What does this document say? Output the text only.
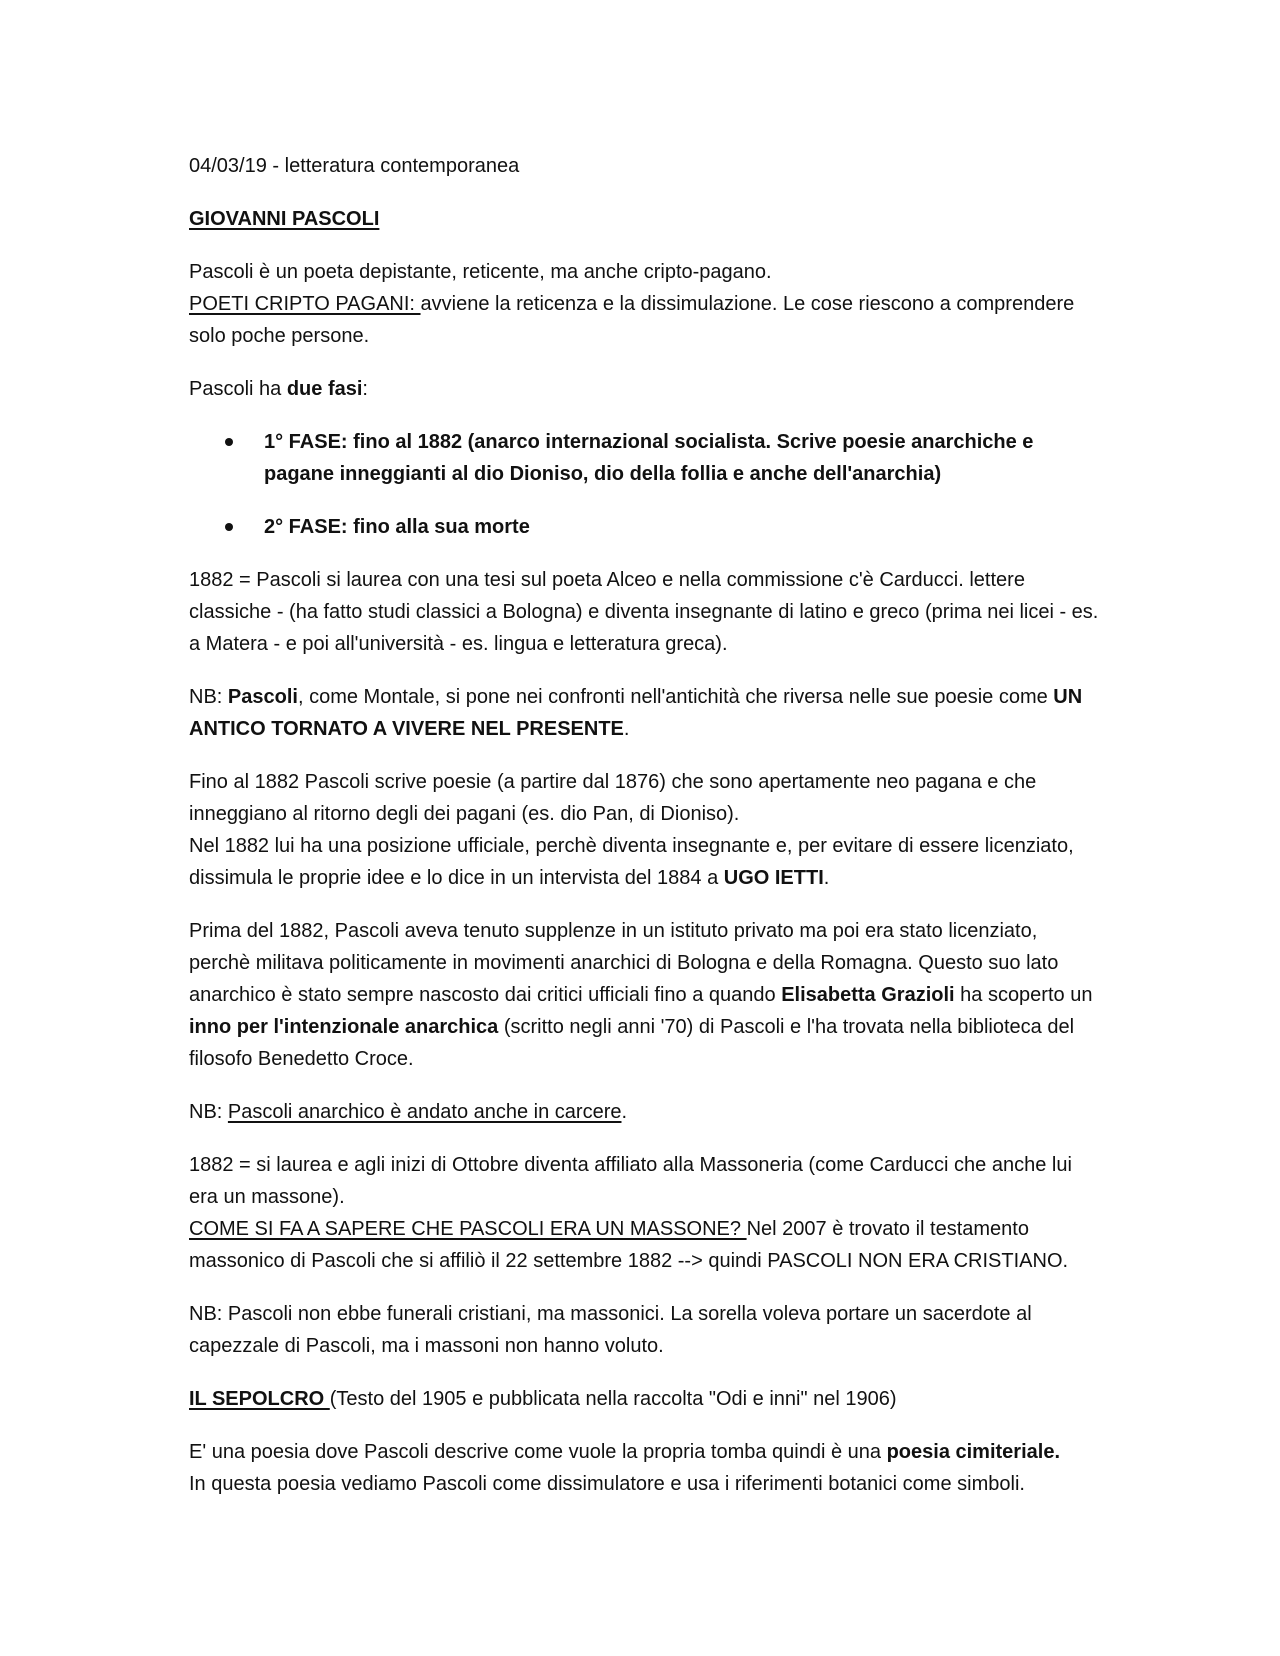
04/03/19 - letteratura contemporanea

GIOVANNI PASCOLI

Pascoli è un poeta depistante, reticente, ma anche cripto-pagano.
POETI CRIPTO PAGANI: avviene la reticenza e la dissimulazione. Le cose riescono a comprendere solo poche persone.

Pascoli ha due fasi:

1° FASE: fino al 1882 (anarco internazional socialista. Scrive poesie anarchiche e pagane inneggianti al dio Dioniso, dio della follia e anche dell'anarchia)
2° FASE: fino alla sua morte

1882 = Pascoli si laurea con una tesi sul poeta Alceo e nella commissione c'è Carducci. lettere classiche - (ha fatto studi classici a Bologna) e diventa insegnante di latino e greco (prima nei licei - es. a Matera - e poi all'università - es. lingua e letteratura greca).

NB: Pascoli, come Montale, si pone nei confronti nell'antichità che riversa nelle sue poesie come UN ANTICO TORNATO A VIVERE NEL PRESENTE.

Fino al 1882 Pascoli scrive poesie (a partire dal 1876) che sono apertamente neo pagana e che inneggiano al ritorno degli dei pagani (es. dio Pan, di Dioniso).
Nel 1882 lui ha una posizione ufficiale, perchè diventa insegnante e, per evitare di essere licenziato, dissimula le proprie idee e lo dice in un intervista del 1884 a UGO IETTI.

Prima del 1882, Pascoli aveva tenuto supplenze in un istituto privato ma poi era stato licenziato, perchè militava politicamente in movimenti anarchici di Bologna e della Romagna. Questo suo lato anarchico è stato sempre nascosto dai critici ufficiali fino a quando Elisabetta Grazioli ha scoperto un inno per l'intenzionale anarchica (scritto negli anni '70) di Pascoli e l'ha trovata nella biblioteca del filosofo Benedetto Croce.

NB: Pascoli anarchico è andato anche in carcere.

1882 = si laurea e agli inizi di Ottobre diventa affiliato alla Massoneria (come Carducci che anche lui era un massone).
COME SI FA A SAPERE CHE PASCOLI ERA UN MASSONE? Nel 2007 è trovato il testamento massonico di Pascoli che si affiliò il 22 settembre 1882 --> quindi PASCOLI NON ERA CRISTIANO.

NB: Pascoli non ebbe funerali cristiani, ma massonici. La sorella voleva portare un sacerdote al capezzale di Pascoli, ma i massoni non hanno voluto.

IL SEPOLCRO (Testo del 1905 e pubblicata nella raccolta "Odi e inni" nel 1906)

E' una poesia dove Pascoli descrive come vuole la propria tomba quindi è una poesia cimiteriale.
In questa poesia vediamo Pascoli come dissimulatore e usa i riferimenti botanici come simboli.
